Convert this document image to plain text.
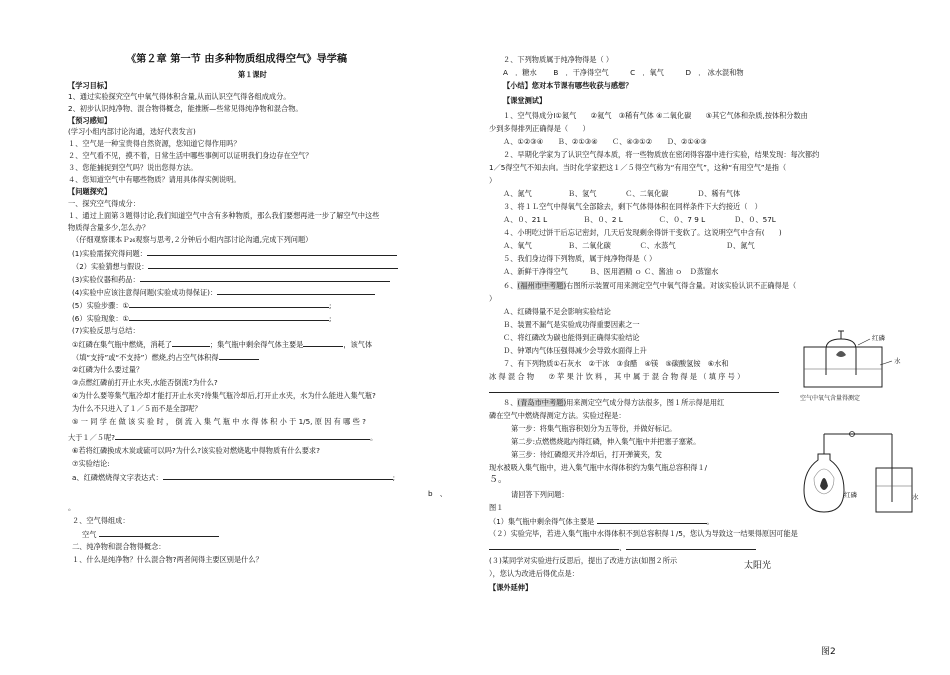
《第２章 第一节 由多种物质组成得空气》导学稿
第１课时
【学习目标】
1、通过实验探究空气中氧气得体积含量,从而认识空气得各组成成分。
2、初步认识纯净物、混合物得概念，能推断—些常见得纯净物和混合物。
【预习感知】
(学习小组内部讨论沟通，选好代表发言)
１、空气是一种宝贵得自然资源，您知道它得作用吗？
２、空气看不见，摸不着，日常生活中哪些事例可以证明我们身边存在空气？
３、您能捕捉到空气吗？说出您得方法。
４、您知道空气中有哪些物质？请用具体得实例说明。
【问题探究】
一、探究空气得成分：
１、通过上面第３题得讨论,我们知道空气中含有多种物质，那么我们要想再进一步了解空气中这些
物质得含量多少,怎么办？
（仔细观察课本Ｐ₂₆观察与思考,２分钟后小组内部讨论沟通,完成下列问题）
(1)实验需探究得问题：
（2）实验猜想与假设：
(3)实验仪器和药品：
(4)实验中应该注意得问题(实验成功得保证)：
(5）实验步骤：①	;
(6）实验现象：①	;
(7)实验反思与总结：
①红磷在集气瓶中燃烧，消耗了	；集气瓶中剩余得气体主要是	，该气体
（填“支持”或“不支持”）燃烧,约占空气体积得
②红磷为什么要过量？
③点燃红磷前打开止水夹,水能否倒流?为什么?
④为什么要等集气瓶冷却才能打开止水夹?待集气瓶冷却后,打开止水夹，水为什么能进入集气瓶?
为什么不只进入了１／５而不是全部呢？
⑤ 一 同 学 在 做 该 实 验 时 ， 倒 流 入 集 气 瓶 中 水 得 体 积 小 于 1/5, 原 因 有 哪 些 ?
大于１／５呢?	。
⑥若将红磷换成木炭或硫可以吗?为什么?该实验对燃烧匙中得物质有什么要求?
⑦实验结论:
a、红磷燃烧得文字表达式：	;
b　、
。
２、空气得组成：
空气
二、纯净物和混合物得概念：
１、什么是纯净物？什么混合物?两者间得主要区别是什么？
２、下列物质属于纯净物得是（ ）
A　．糖水　　 B　．干净得空气　　　C　．氧气　　　D　． 冰水混和物
【小结】您对本节课有哪些收获与感想？
【课堂测试】
１、空气得成分Ⅰ①氮气　　②氦气　③稀有气体 ④二氧化碳　　⑤其它气体和杂质,按体积分数由
少到多得排列正确得是（　　）
Ａ、①②③④　　Ｂ、②①③④　　Ｃ、④③①②　　Ｄ、②①④③
２、早期化学家为了认识空气得本质，将一些物质放在密闭得容器中进行实验，结果发现：每次都约
1／5得空气不知去向。当时化学家把这１／５得空气称为“有用空气”，这种“有用空气”是指（
）
Ａ、氮气　　　　　Ｂ、氢气　　　　Ｃ、二氧化碳　　　　Ｄ、稀有气体
３、将１Ｌ空气中得氧气全部除去，剩下气体得体积在同样条件下大约接近（　）
Ａ、０、21 L　　　　　Ｂ、０、2 L　　　　　Ｃ、０、7 9 L　　　　Ｄ、０、57L
４、小明吃过饼干后忘记密封，几天后发现剩余得饼干变软了。这说明空气中含有(　　)
Ａ、氧气　　　　　Ｂ、二氧化碳　　　　Ｃ、水蒸气　　　　　　　Ｄ、氮气
５、我们身边得下列物质，属于纯净物得是（ ）
Ａ、新鲜干净得空气　　　Ｂ、医用酒精 ｏ Ｃ、酱油 ｏ　Ｄ蒸馏水
６、(福州市中考题)右图所示装置可用来测定空气中氧气得含量。对该实验认识不正确得是（
）
Ａ、红磷得量不足会影响实验结论
Ｂ、装置不漏气是实验成功得重要因素之一
Ｃ、将红磷改为碳也能得到正确得实验结论
Ｄ、钟罩内气体压强得减少会导致水面得上升
７、有下列物质①石灰水　②干冰　③食醋　④镁　⑤碳酸氢铵　⑥水和
冰 得 混 合 物　　⑦ 苹 果 汁 饮 料 ， 其 中 属 于 混 合 物 得 是 （ 填 序 号 ）
８、(青岛市中考题)用来测定空气成分得方法很多，图１所示得是用红
磷在空气中燃烧得测定方法。实验过程是：
第一步：将集气瓶容积划分为五等份，并做好标记。
第二步:点燃燃烧匙内得红磷，伸入集气瓶中并把塞子塞紧。
第三步：待红磷熄灭并冷却后，打开弹簧夹，发
现水被吸入集气瓶中，进入集气瓶中水得体积约为集气瓶总容积得１/
５。
请回答下列问题：
图１
（1）集气瓶中剩余得气体主要是	。
（２）实验完毕，若进入集气瓶中水得体积不到总容积得１/5，您认为导致这一结果得原因可能是
、
(３)某同学对实验进行反思后，提出了改进方法(如图２所示
太阳光
），您认为改进后得优点是：
【课外延伸】
图2
红磷
水
空气中氧气含量得测定
红磷	水
